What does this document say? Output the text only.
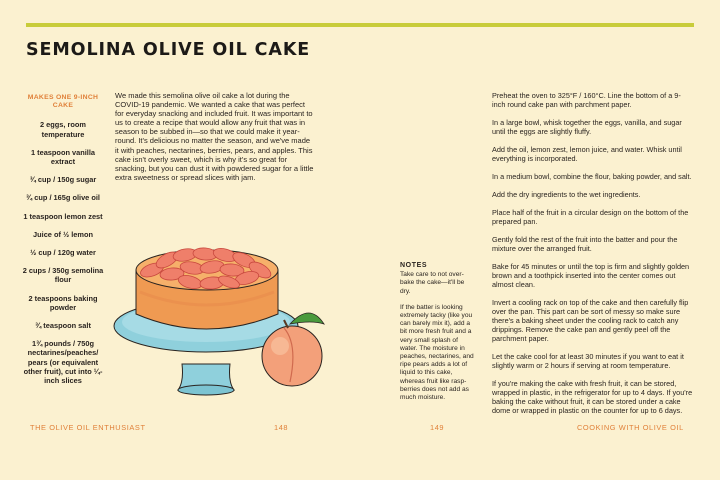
SEMOLINA OLIVE OIL CAKE
MAKES ONE 9-INCH CAKE
2 eggs, room temperature
1 teaspoon vanilla extract
¾ cup / 150g sugar
¾ cup / 165g olive oil
1 teaspoon lemon zest
Juice of ½ lemon
½ cup / 120g water
2 cups / 350g semolina flour
2 teaspoons baking powder
¾ teaspoon salt
1¾ pounds / 750g nectarines/peaches/ pears (or equivalent other fruit), cut into ¼-inch slices
We made this semolina olive oil cake a lot during the COVID-19 pandemic. We wanted a cake that was perfect for everyday snacking and included fruit. It was important to us to create a recipe that would allow any fruit that was in season to be subbed in—so that we could make it year-round. It's delicious no matter the season, and we've made it with peaches, nectarines, berries, pears, and apples. This cake isn't overly sweet, which is why it's so great for snacking, but you can dust it with powdered sugar for a little extra sweetness or spread slices with jam.
NOTES

Take care to not over-bake the cake—it'll be dry.

If the batter is looking extremely tacky (like you can barely mix it), add a bit more fresh fruit and a very small splash of water. The moisture in peaches, nectarines, and ripe pears adds a lot of liquid to this cake, whereas fruit like rasp-berries does not add as much moisture.

Preheat the oven to 325°F / 160°C. Line the bottom of a 9-inch round cake pan with parchment paper.

In a large bowl, whisk together the eggs, vanilla, and sugar until the eggs are slightly fluffy.

Add the oil, lemon zest, lemon juice, and water. Whisk until everything is incorporated.

In a medium bowl, combine the flour, baking powder, and salt.

Add the dry ingredients to the wet ingredients.

Place half of the fruit in a circular design on the bottom of the prepared pan.

Gently fold the rest of the fruit into the batter and pour the mixture over the arranged fruit.

Bake for 45 minutes or until the top is firm and slightly golden brown and a toothpick inserted into the center comes out almost clean.

Invert a cooling rack on top of the cake and then carefully flip over the pan. This part can be sort of messy so make sure there's a baking sheet under the cooling rack to catch any drippings. Remove the cake pan and gently peel off the parchment paper.

Let the cake cool for at least 30 minutes if you want to eat it slightly warm or 2 hours if serving at room temperature.

If you're making the cake with fresh fruit, it can be stored, wrapped in plastic, in the refrigerator for up to 4 days. If you're baking the cake without fruit, it can be stored under a cake dome or wrapped in plastic on the counter for up to 6 days.

THE OLIVE OIL ENTHUSIAST	148	149	COOKING WITH OLIVE OIL
